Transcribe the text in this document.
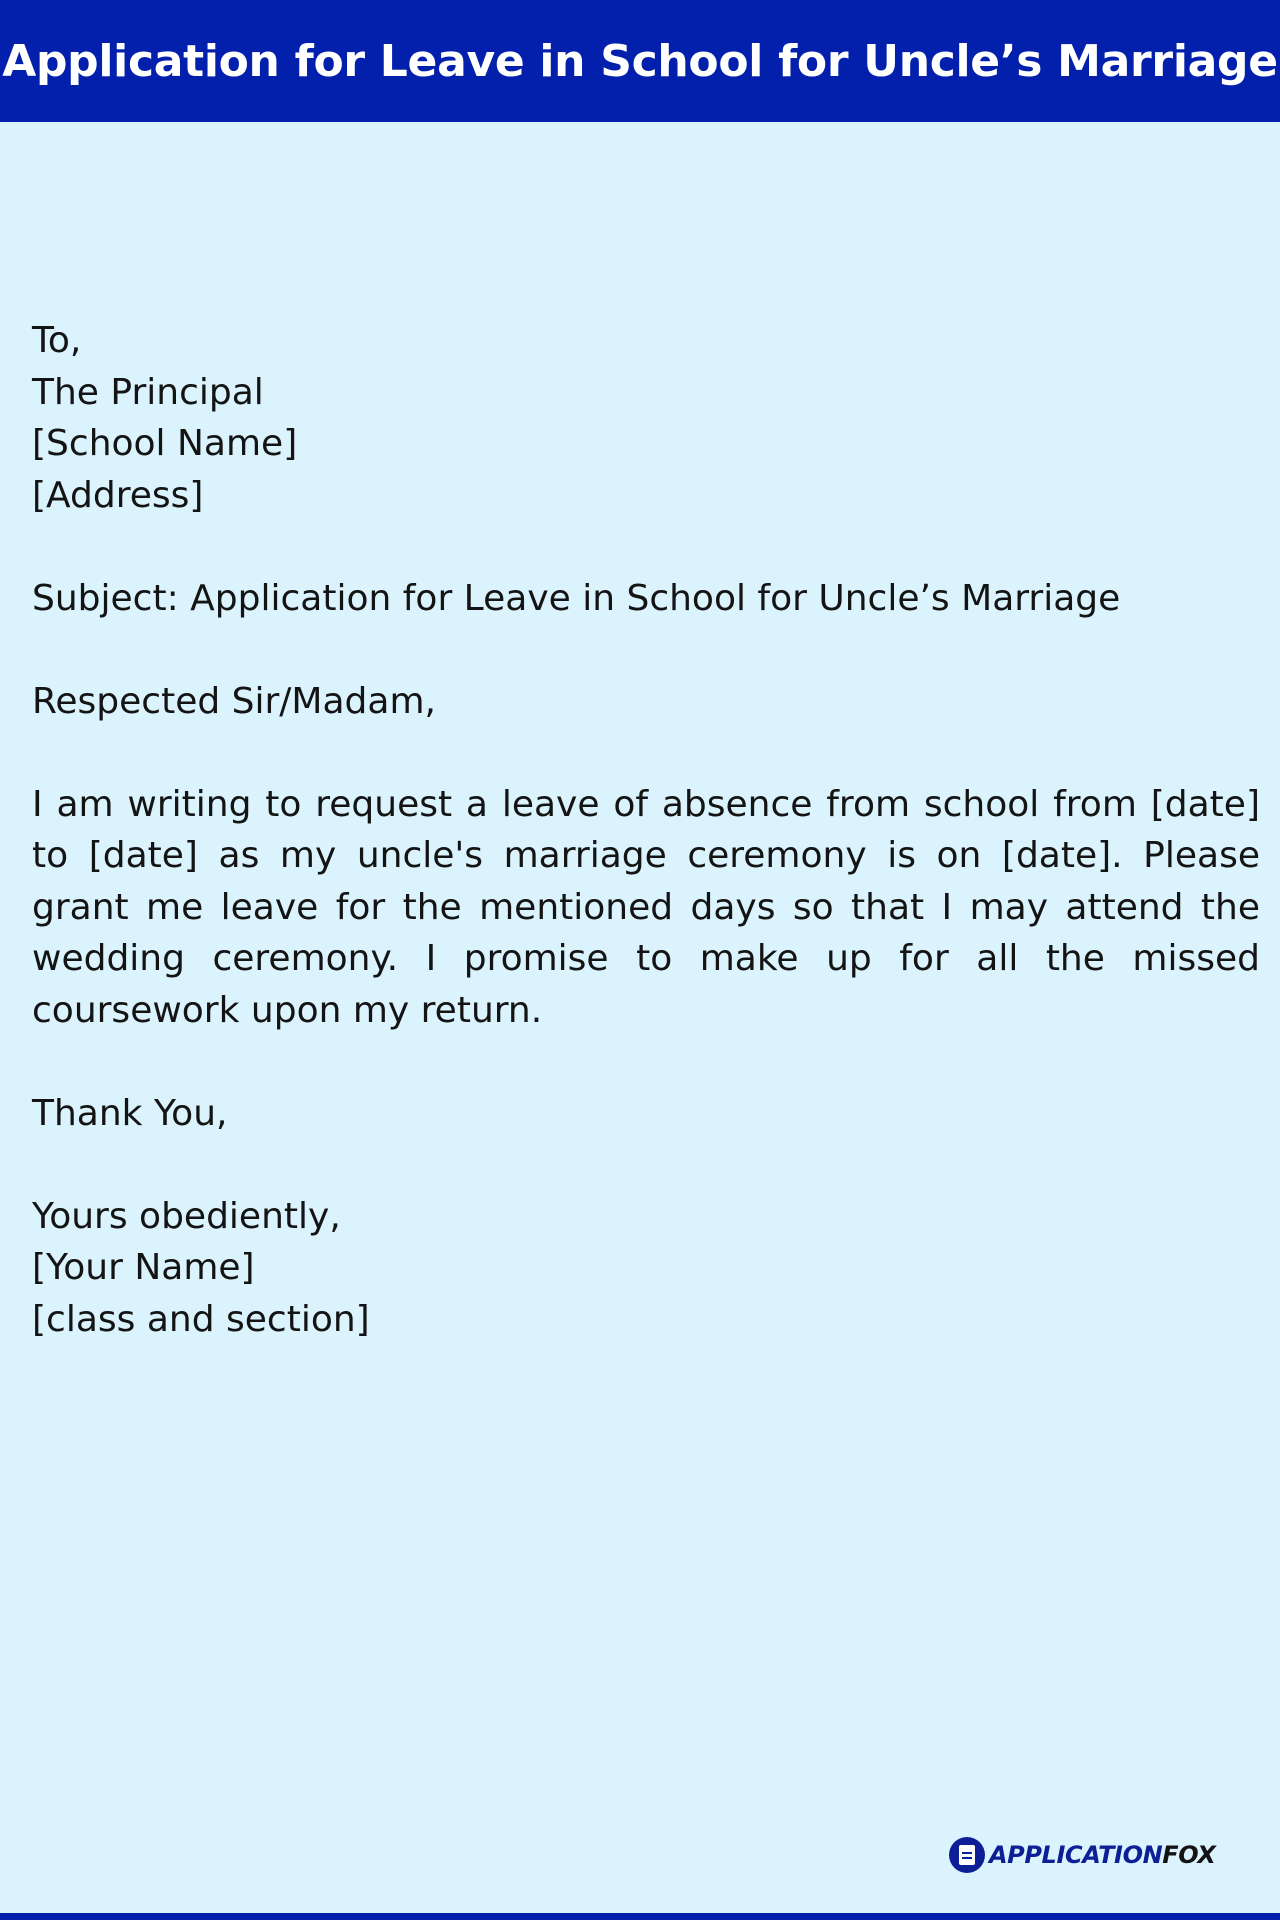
Application for Leave in School for Uncle’s Marriage
To,
The Principal
[School Name]
[Address]
Subject: Application for Leave in School for Uncle’s Marriage
Respected Sir/Madam,
I am writing to request a leave of absence from school from [date] to [date] as my uncle's marriage ceremony is on [date]. Please grant me leave for the mentioned days so that I may attend the wedding ceremony. I promise to make up for all the missed coursework upon my return.
Thank You,
Yours obediently,
[Your Name]
[class and section]
APPLICATIONFOX
